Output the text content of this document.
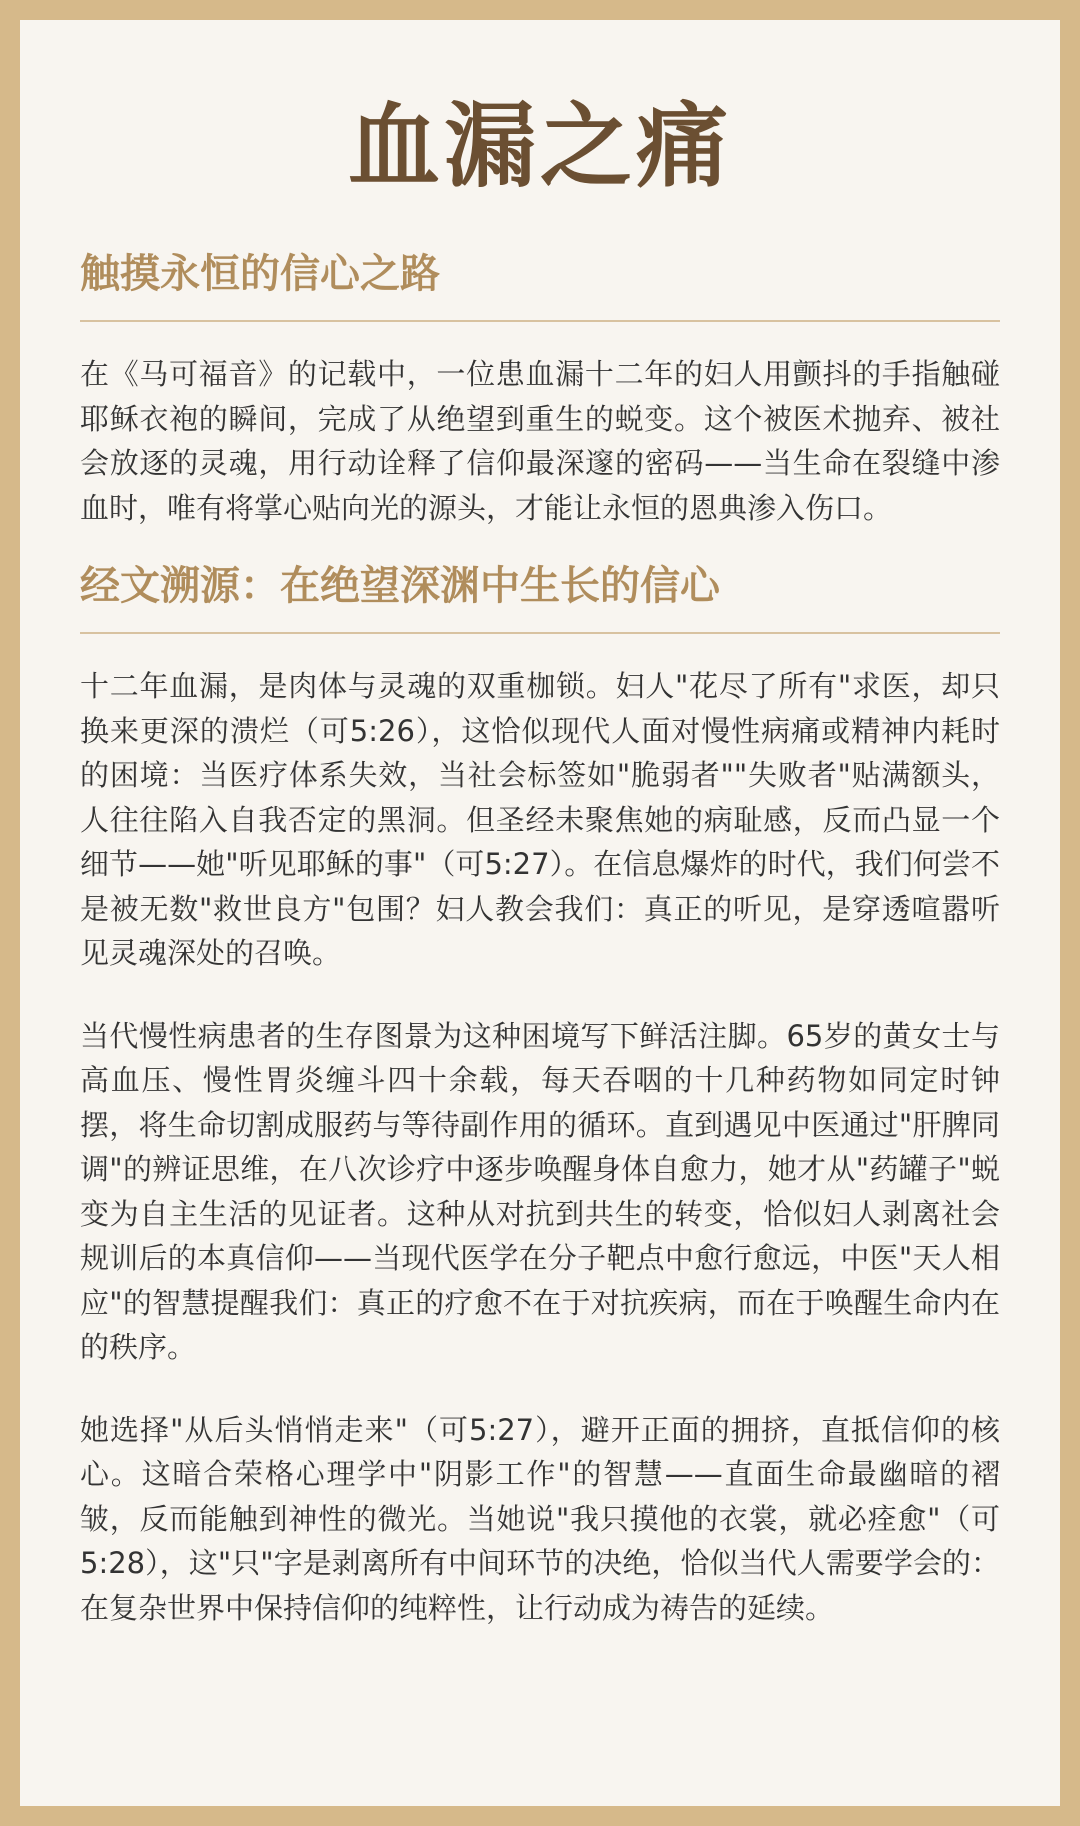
血漏之痛
触摸永恒的信心之路

在《马可福音》的记载中，一位患血漏十二年的妇人用颤抖的手指触碰耶稣衣袍的瞬间，完成了从绝望到重生的蜕变。这个被医术抛弃、被社会放逐的灵魂，用行动诠释了信仰最深邃的密码——当生命在裂缝中渗血时，唯有将掌心贴向光的源头，才能让永恒的恩典渗入伤口。

经文溯源：在绝望深渊中生长的信心

十二年血漏，是肉体与灵魂的双重枷锁。妇人"花尽了所有"求医，却只换来更深的溃烂（可5:26），这恰似现代人面对慢性病痛或精神内耗时的困境：当医疗体系失效，当社会标签如"脆弱者""失败者"贴满额头，人往往陷入自我否定的黑洞。但圣经未聚焦她的病耻感，反而凸显一个细节——她"听见耶稣的事"（可5:27）。在信息爆炸的时代，我们何尝不是被无数"救世良方"包围？妇人教会我们：真正的听见，是穿透喧嚣听见灵魂深处的召唤。

当代慢性病患者的生存图景为这种困境写下鲜活注脚。65岁的黄女士与高血压、慢性胃炎缠斗四十余载，每天吞咽的十几种药物如同定时钟摆，将生命切割成服药与等待副作用的循环。直到遇见中医通过"肝脾同调"的辨证思维，在八次诊疗中逐步唤醒身体自愈力，她才从"药罐子"蜕变为自主生活的见证者。这种从对抗到共生的转变，恰似妇人剥离社会规训后的本真信仰——当现代医学在分子靶点中愈行愈远，中医"天人相应"的智慧提醒我们：真正的疗愈不在于对抗疾病，而在于唤醒生命内在的秩序。

她选择"从后头悄悄走来"（可5:27），避开正面的拥挤，直抵信仰的核心。这暗合荣格心理学中"阴影工作"的智慧——直面生命最幽暗的褶皱，反而能触到神性的微光。当她说"我只摸他的衣裳，就必痊愈"（可5:28），这"只"字是剥离所有中间环节的决绝，恰似当代人需要学会的：在复杂世界中保持信仰的纯粹性，让行动成为祷告的延续。
